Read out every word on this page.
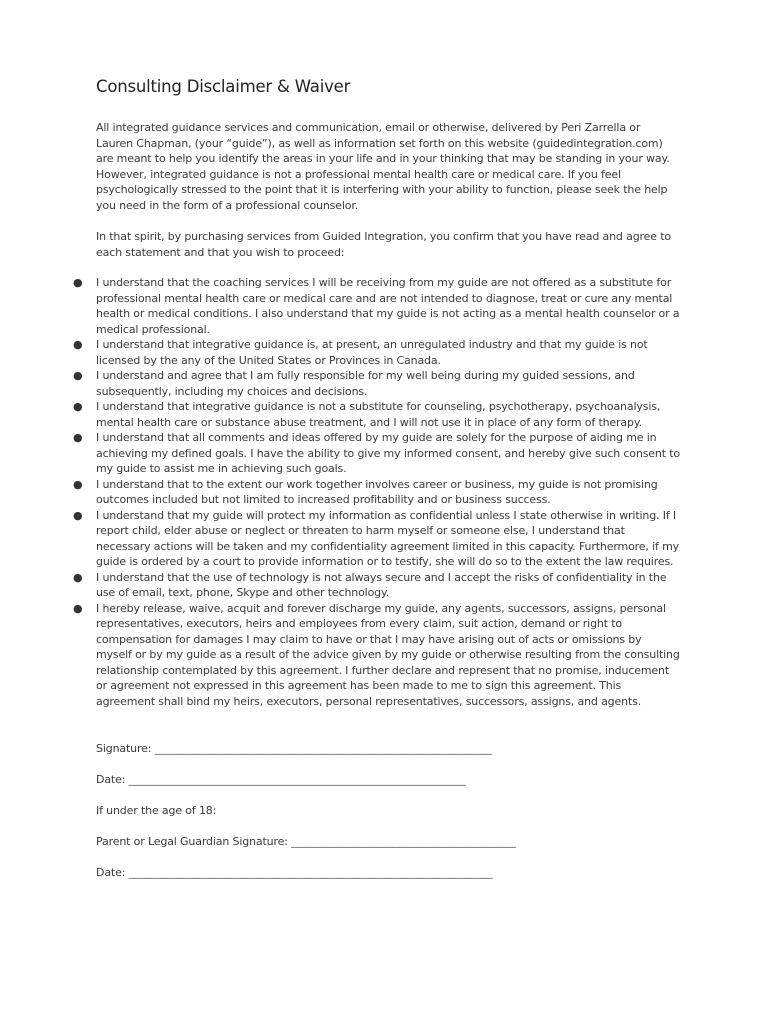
Consulting Disclaimer & Waiver

All integrated guidance services and communication, email or otherwise, delivered by Peri Zarrella or Lauren Chapman, (your “guide”), as well as information set forth on this website (guidedintegration.com) are meant to help you identify the areas in your life and in your thinking that may be standing in your way. However, integrated guidance is not a professional mental health care or medical care. If you feel psychologically stressed to the point that it is interfering with your ability to function, please seek the help you need in the form of a professional counselor.

In that spirit, by purchasing services from Guided Integration, you confirm that you have read and agree to each statement and that you wish to proceed:

● I understand that the coaching services I will be receiving from my guide are not offered as a substitute for professional mental health care or medical care and are not intended to diagnose, treat or cure any mental health or medical conditions. I also understand that my guide is not acting as a mental health counselor or a medical professional.
● I understand that integrative guidance is, at present, an unregulated industry and that my guide is not licensed by the any of the United States or Provinces in Canada.
● I understand and agree that I am fully responsible for my well being during my guided sessions, and subsequently, including my choices and decisions.
● I understand that integrative guidance is not a substitute for counseling, psychotherapy, psychoanalysis, mental health care or substance abuse treatment, and I will not use it in place of any form of therapy.
● I understand that all comments and ideas offered by my guide are solely for the purpose of aiding me in achieving my defined goals. I have the ability to give my informed consent, and hereby give such consent to my guide to assist me in achieving such goals.
● I understand that to the extent our work together involves career or business, my guide is not promising outcomes included but not limited to increased profitability and or business success.
● I understand that my guide will protect my information as confidential unless I state otherwise in writing. If I report child, elder abuse or neglect or threaten to harm myself or someone else, I understand that necessary actions will be taken and my confidentiality agreement limited in this capacity. Furthermore, if my guide is ordered by a court to provide information or to testify, she will do so to the extent the law requires.
● I understand that the use of technology is not always secure and I accept the risks of confidentiality in the use of email, text, phone, Skype and other technology.
● I hereby release, waive, acquit and forever discharge my guide, any agents, successors, assigns, personal representatives, executors, heirs and employees from every claim, suit action, demand or right to compensation for damages I may claim to have or that I may have arising out of acts or omissions by myself or by my guide as a result of the advice given by my guide or otherwise resulting from the consulting relationship contemplated by this agreement. I further declare and represent that no promise, inducement or agreement not expressed in this agreement has been made to me to sign this agreement. This agreement shall bind my heirs, executors, personal representatives, successors, assigns, and agents.
Signature: _______________________________________________________________
Date: _______________________________________________________________
If under the age of 18:
Parent or Legal Guardian Signature: __________________________________________
Date: ____________________________________________________________________
